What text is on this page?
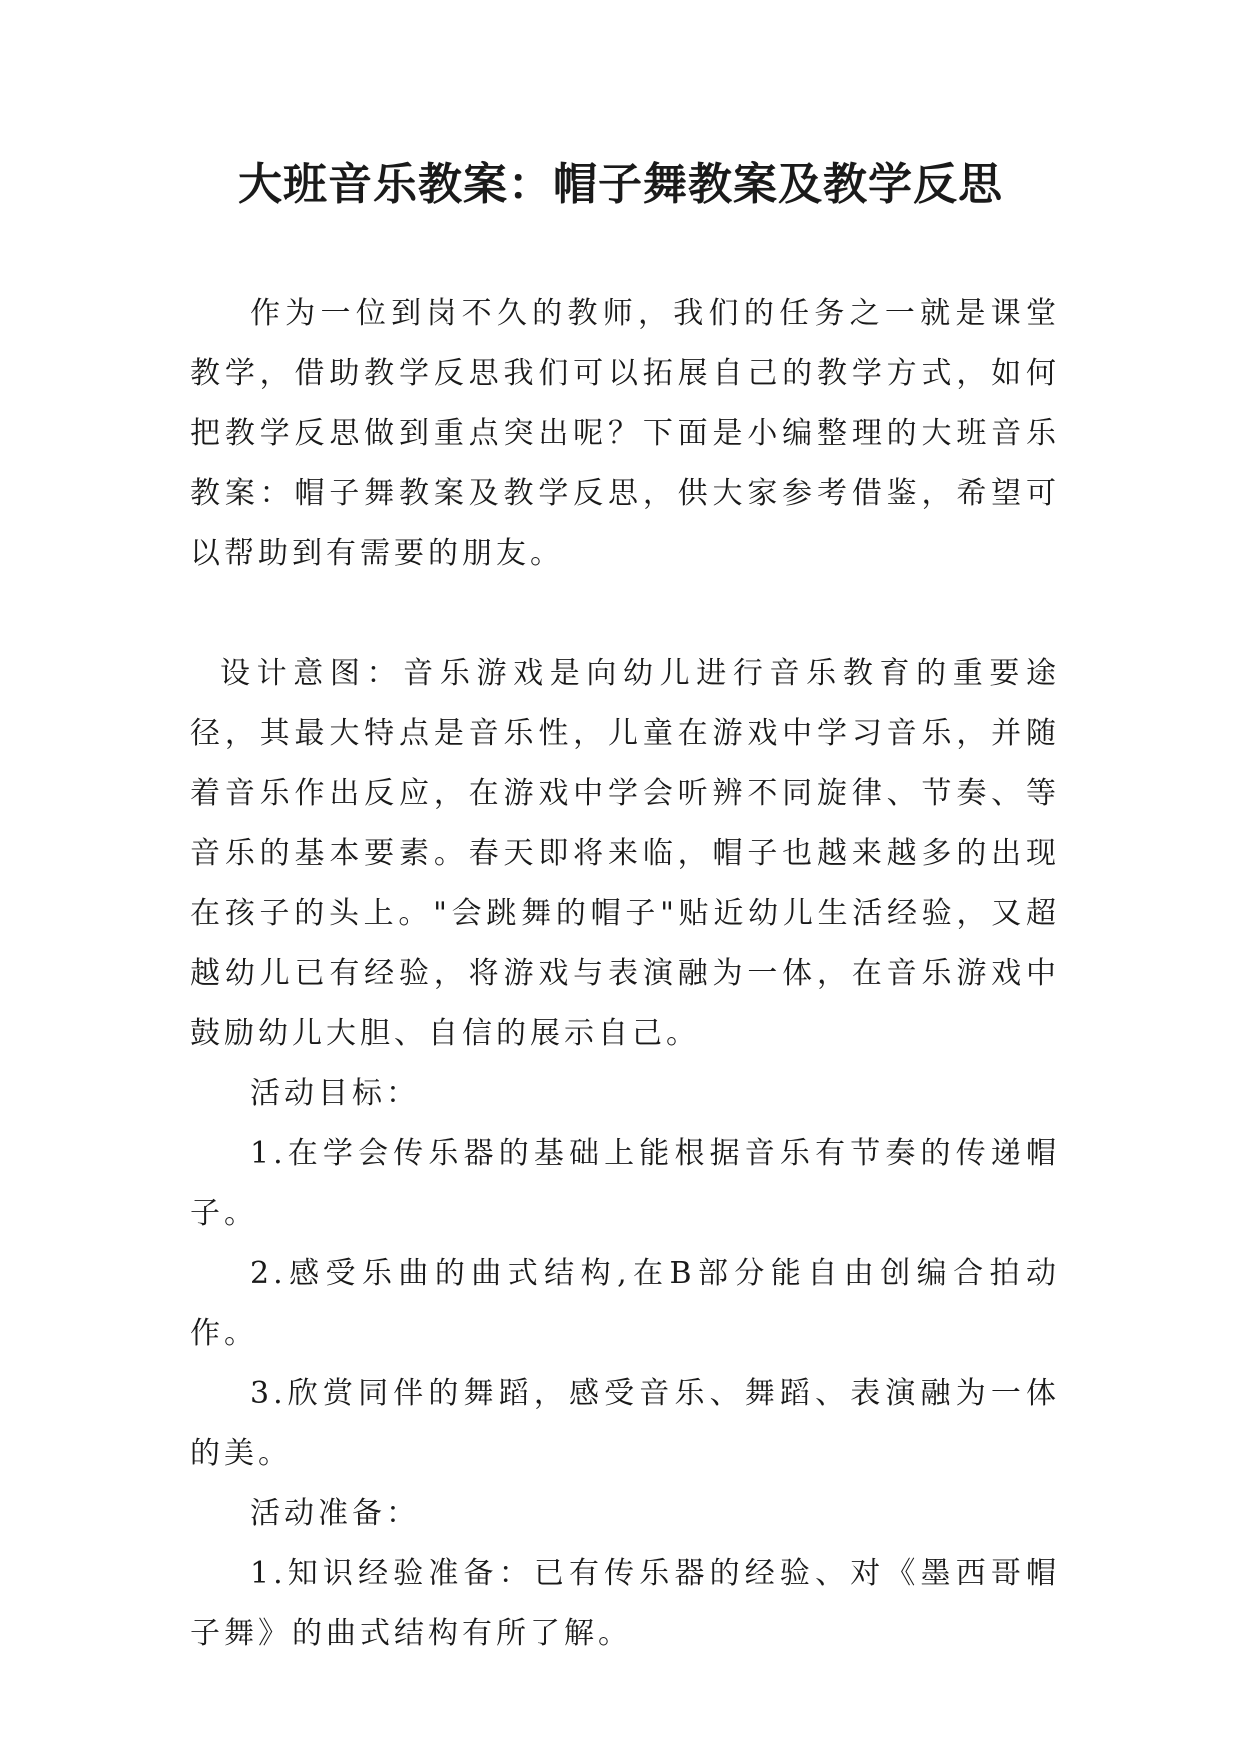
大班音乐教案：帽子舞教案及教学反思

作为一位到岗不久的教师，我们的任务之一就是课堂教学，借助教学反思我们可以拓展自己的教学方式，如何把教学反思做到重点突出呢？下面是小编整理的大班音乐教案：帽子舞教案及教学反思，供大家参考借鉴，希望可以帮助到有需要的朋友。

设计意图：音乐游戏是向幼儿进行音乐教育的重要途径，其最大特点是音乐性，儿童在游戏中学习音乐，并随着音乐作出反应，在游戏中学会听辨不同旋律、节奏、等音乐的基本要素。春天即将来临，帽子也越来越多的出现在孩子的头上。"会跳舞的帽子"贴近幼儿生活经验，又超越幼儿已有经验，将游戏与表演融为一体，在音乐游戏中鼓励幼儿大胆、自信的展示自己。

活动目标：

1.在学会传乐器的基础上能根据音乐有节奏的传递帽子。

2.感受乐曲的曲式结构,在B部分能自由创编合拍动作。

3.欣赏同伴的舞蹈，感受音乐、舞蹈、表演融为一体的美。

活动准备：

1.知识经验准备：已有传乐器的经验、对《墨西哥帽子舞》的曲式结构有所了解。
